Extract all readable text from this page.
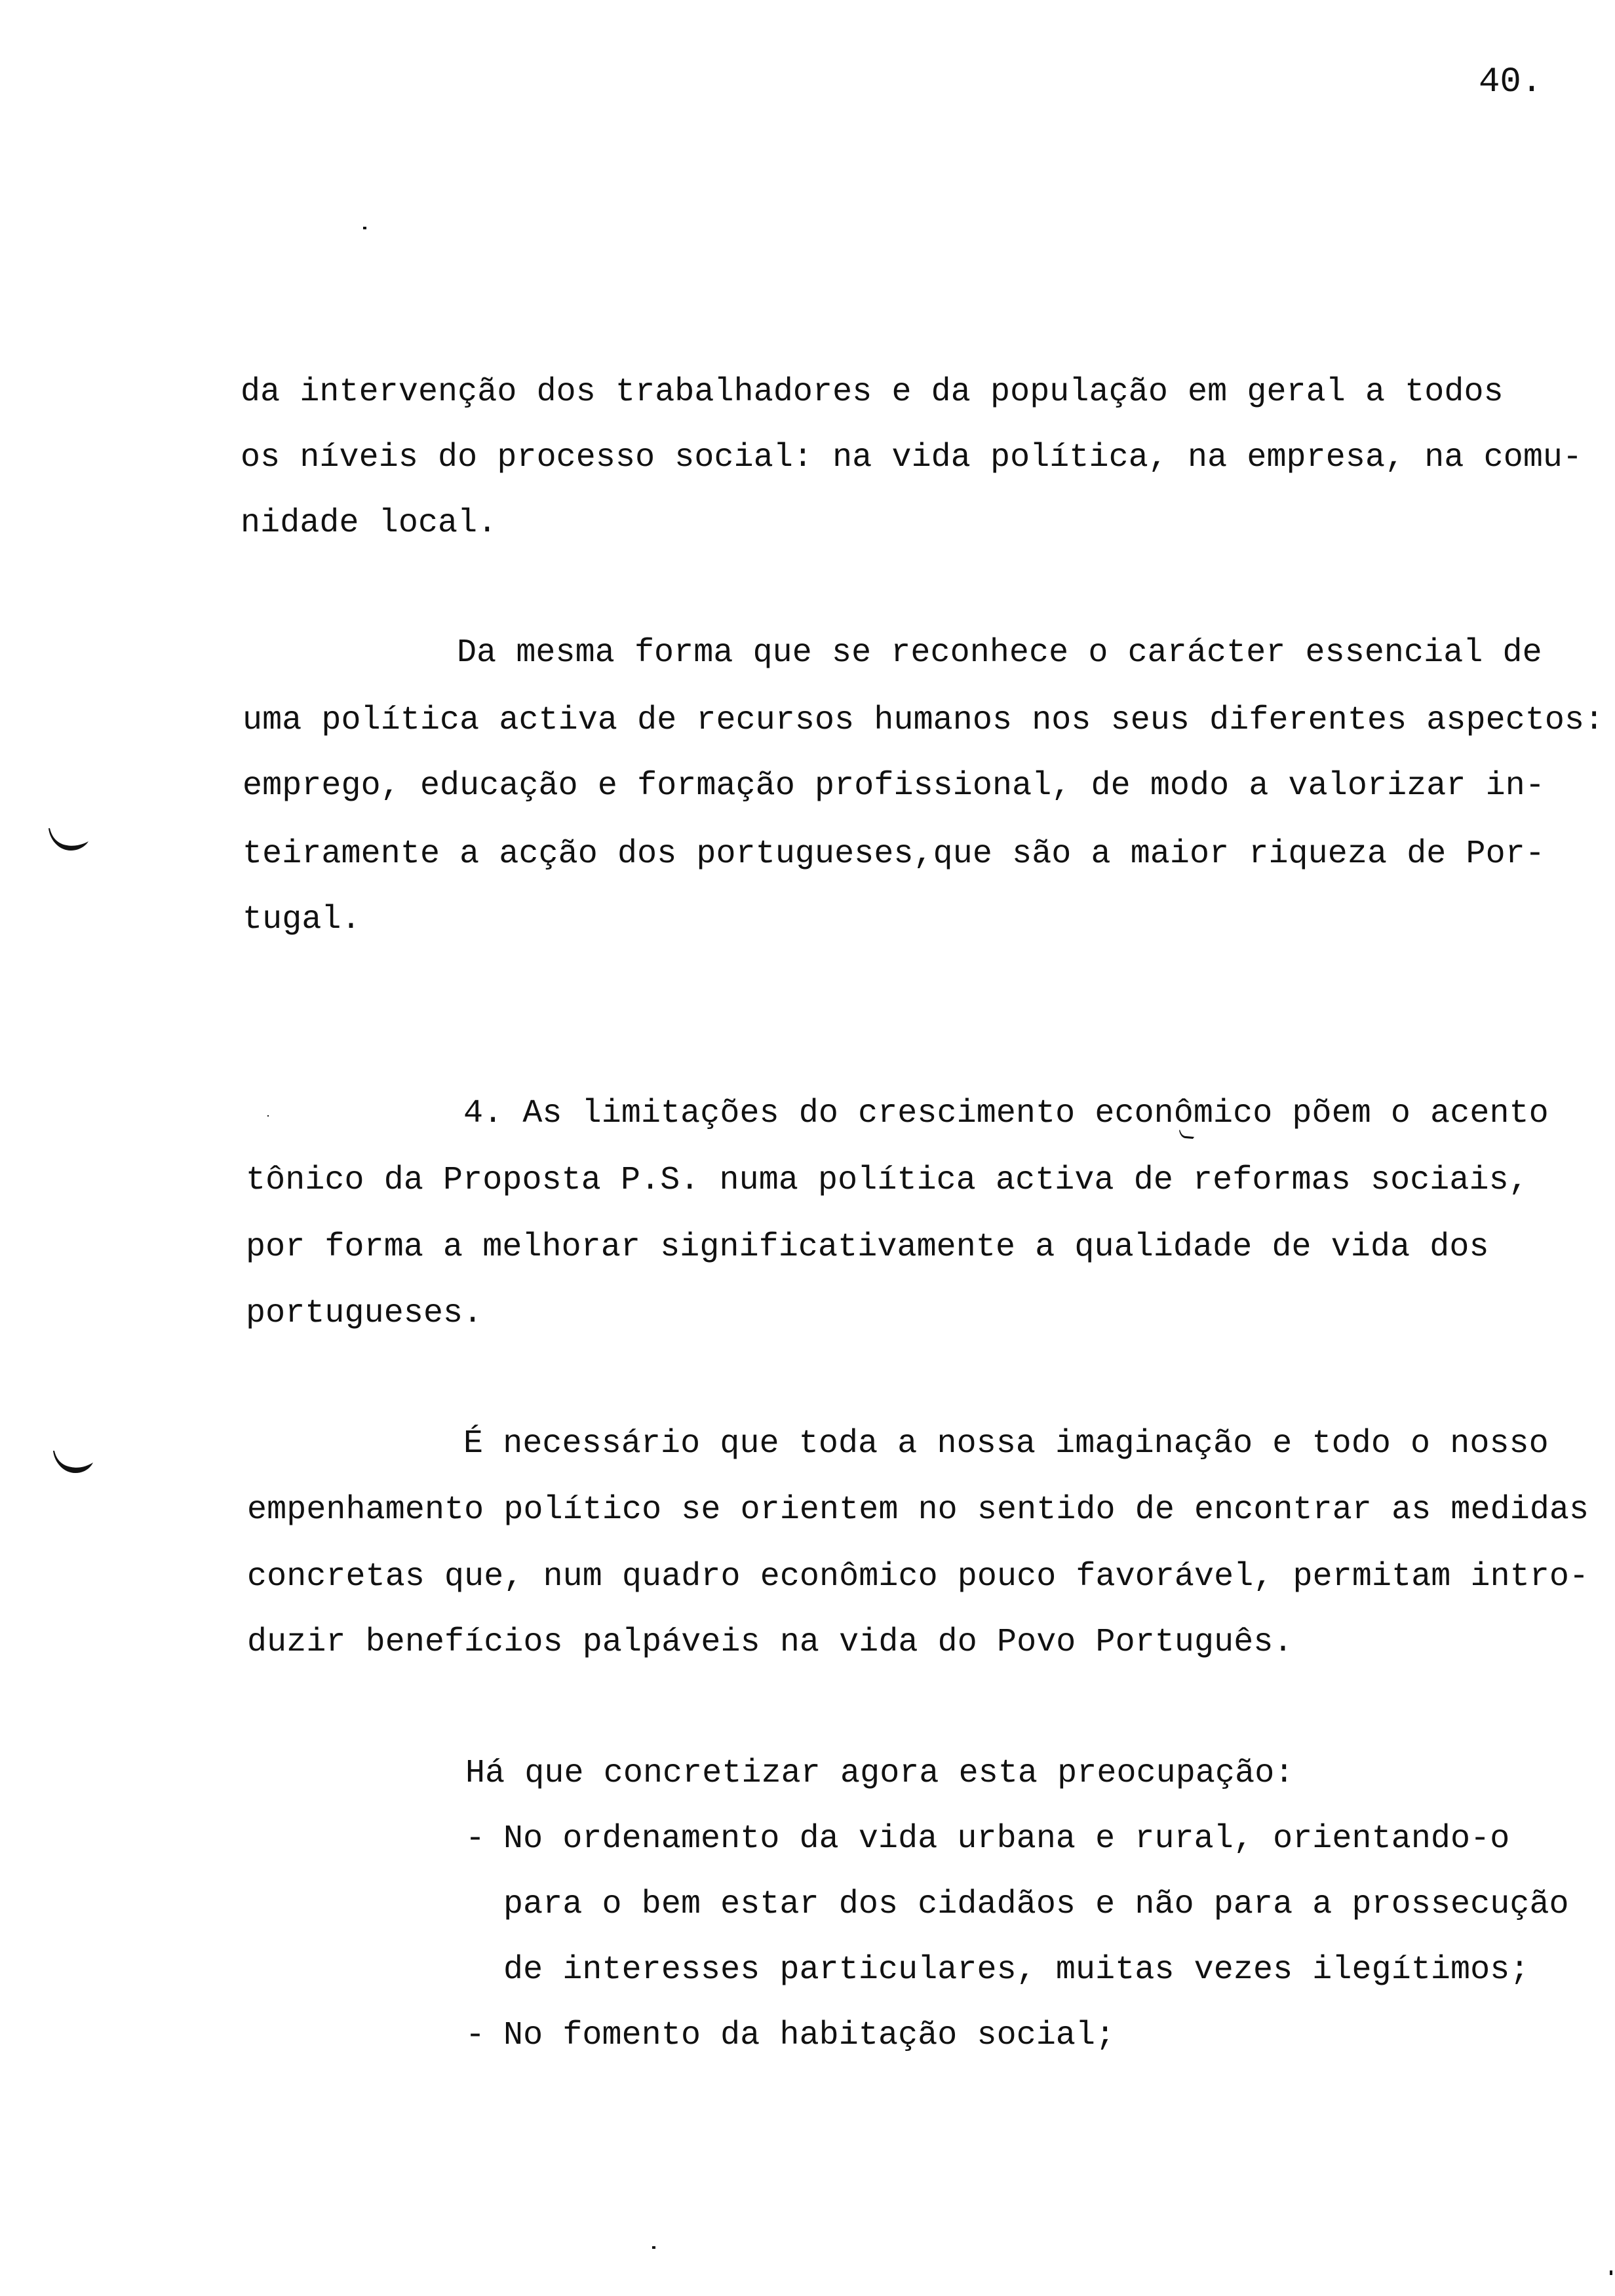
40.
da intervenção dos trabalhadores e da população em geral a todos
os níveis do processo social: na vida política, na empresa, na comu-
nidade local.
Da mesma forma que se reconhece o carácter essencial de
uma política activa de recursos humanos nos seus diferentes aspectos:
emprego, educação e formação profissional, de modo a valorizar in-
teiramente a acção dos portugueses,que são a maior riqueza de Por-
tugal.
4. As limitações do crescimento econômico põem o acento
tônico da Proposta P.S. numa política activa de reformas sociais,
por forma a melhorar significativamente a qualidade de vida dos
portugueses.
É necessário que toda a nossa imaginação e todo o nosso
empenhamento político se orientem no sentido de encontrar as medidas
concretas que, num quadro econômico pouco favorável, permitam intro-
duzir benefícios palpáveis na vida do Povo Português.
Há que concretizar agora esta preocupação:
- No ordenamento da vida urbana e rural, orientando-o
para o bem estar dos cidadãos e não para a prossecução
de interesses particulares, muitas vezes ilegítimos;
- No fomento da habitação social;
